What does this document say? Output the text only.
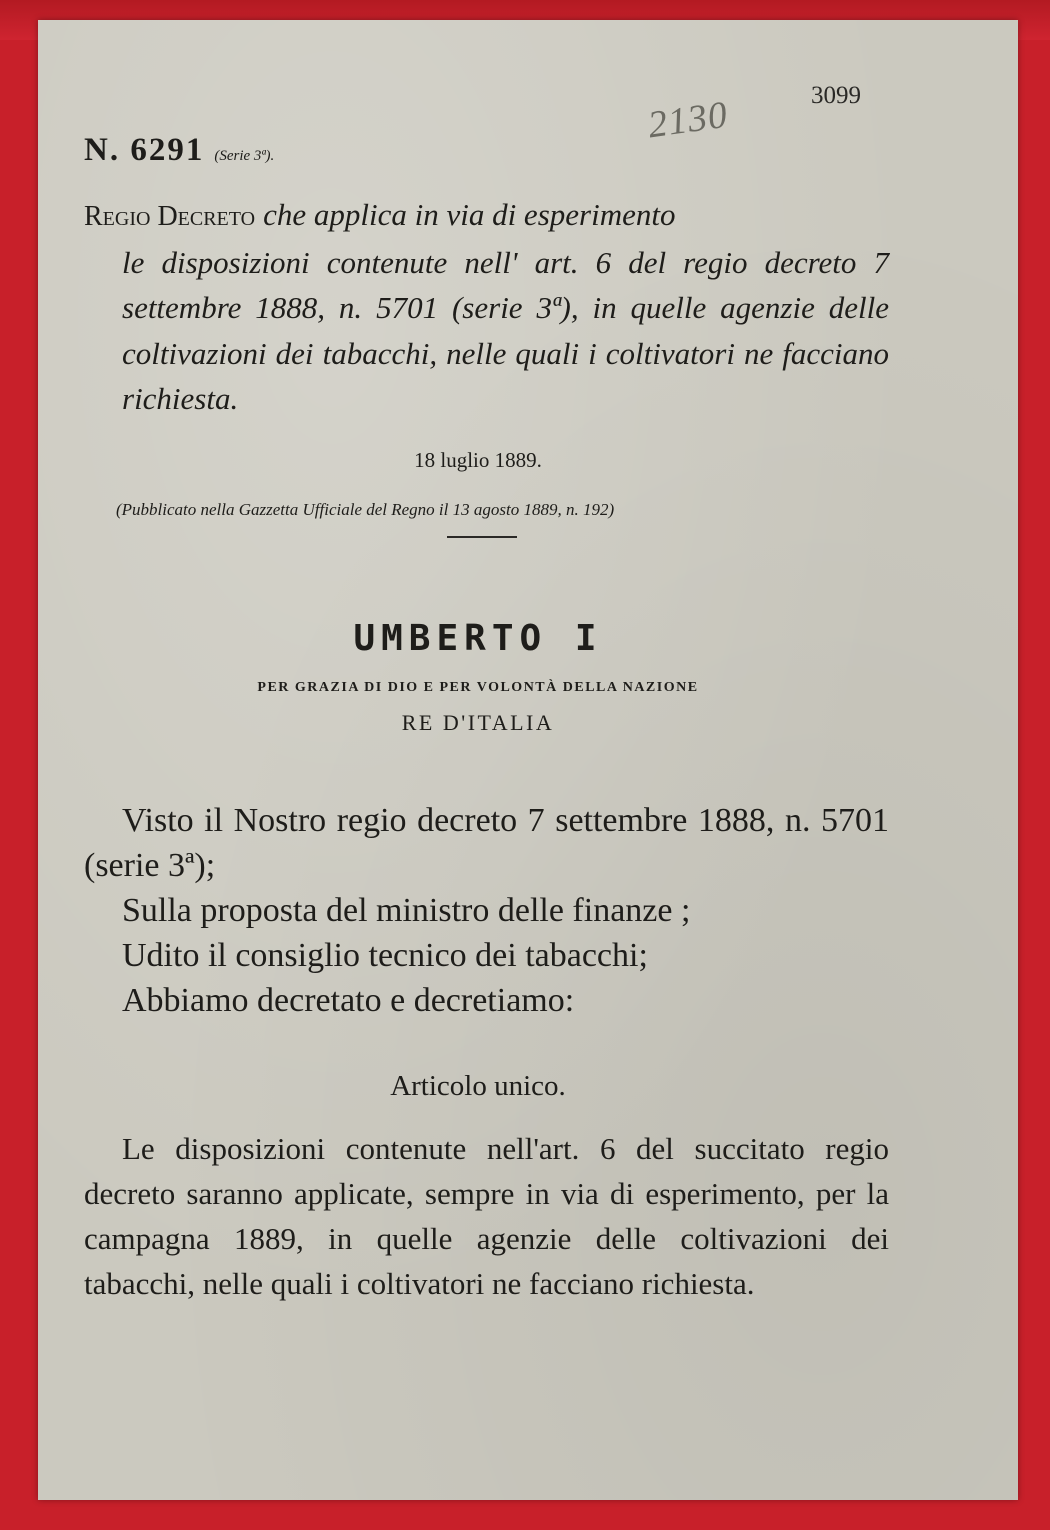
3099
2130
N. 6291 (Serie 3ª).
Regio Decreto che applica in via di esperimento
le disposizioni contenute nell' art. 6 del regio decreto 7 settembre 1888, n. 5701 (serie 3ª), in quelle agenzie delle coltivazioni dei tabacchi, nelle quali i coltivatori ne facciano richiesta.
18 luglio 1889.
(Pubblicato nella Gazzetta Ufficiale del Regno il 13 agosto 1889, n. 192)
UMBERTO I
PER GRAZIA DI DIO E PER VOLONTÀ DELLA NAZIONE
RE D'ITALIA
Visto il Nostro regio decreto 7 settembre 1888, n. 5701 (serie 3ª);
Sulla proposta del ministro delle finanze ;
Udito il consiglio tecnico dei tabacchi;
Abbiamo decretato e decretiamo:
Articolo unico.
Le disposizioni contenute nell'art. 6 del succitato regio decreto saranno applicate, sempre in via di esperimento, per la campagna 1889, in quelle agenzie delle coltivazioni dei tabacchi, nelle quali i coltivatori ne facciano richiesta.
